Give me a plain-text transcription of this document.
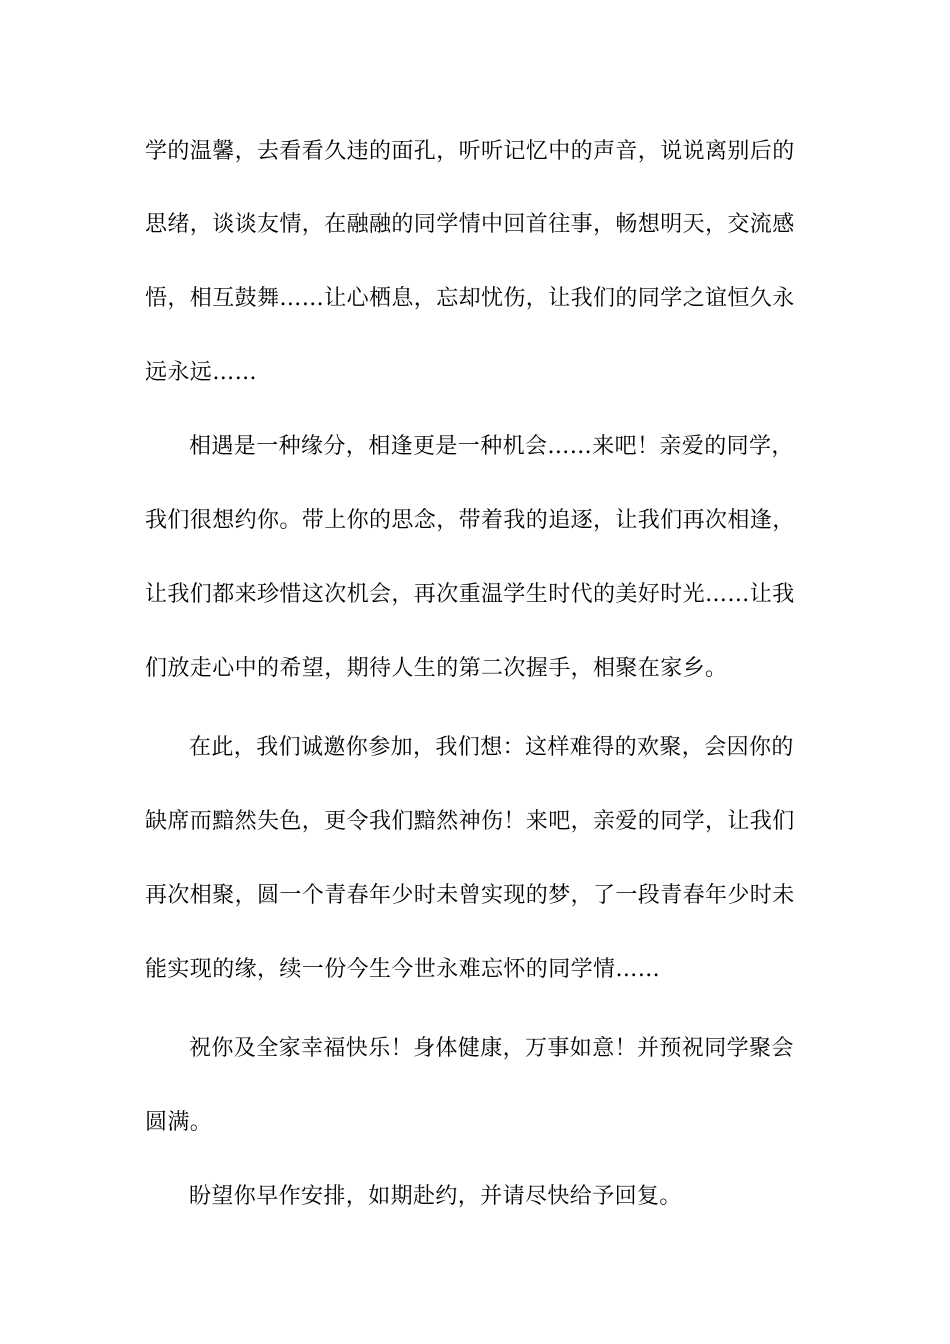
学的温馨，去看看久违的面孔，听听记忆中的声音，说说离别后的
思绪，谈谈友情，在融融的同学情中回首往事，畅想明天，交流感
悟，相互鼓舞……让心栖息，忘却忧伤，让我们的同学之谊恒久永
远永远……
相遇是一种缘分，相逢更是一种机会……来吧！亲爱的同学，
我们很想约你。带上你的思念，带着我的追逐，让我们再次相逢，
让我们都来珍惜这次机会，再次重温学生时代的美好时光……让我
们放走心中的希望，期待人生的第二次握手，相聚在家乡。
在此，我们诚邀你参加，我们想：这样难得的欢聚，会因你的
缺席而黯然失色，更令我们黯然神伤！来吧，亲爱的同学，让我们
再次相聚，圆一个青春年少时未曾实现的梦，了一段青春年少时未
能实现的缘，续一份今生今世永难忘怀的同学情……
祝你及全家幸福快乐！身体健康，万事如意！并预祝同学聚会
圆满。
盼望你早作安排，如期赴约，并请尽快给予回复。
